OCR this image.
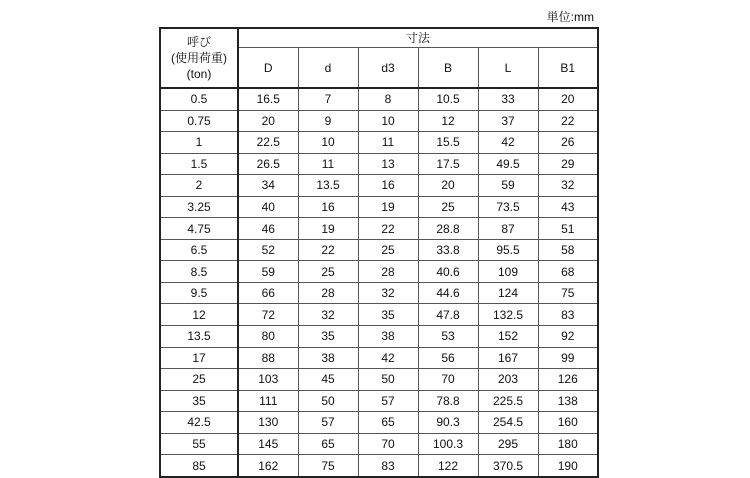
単位:mm
呼び
(使用荷重)
(ton)	寸法					
	D	d	d3	B	L	B1
0.5	16.5	7	8	10.5	33	20
0.75	20	9	10	12	37	22
1	22.5	10	11	15.5	42	26
1.5	26.5	11	13	17.5	49.5	29
2	34	13.5	16	20	59	32
3.25	40	16	19	25	73.5	43
4.75	46	19	22	28.8	87	51
6.5	52	22	25	33.8	95.5	58
8.5	59	25	28	40.6	109	68
9.5	66	28	32	44.6	124	75
12	72	32	35	47.8	132.5	83
13.5	80	35	38	53	152	92
17	88	38	42	56	167	99
25	103	45	50	70	203	126
35	111	50	57	78.8	225.5	138
42.5	130	57	65	90.3	254.5	160
55	145	65	70	100.3	295	180
85	162	75	83	122	370.5	190
